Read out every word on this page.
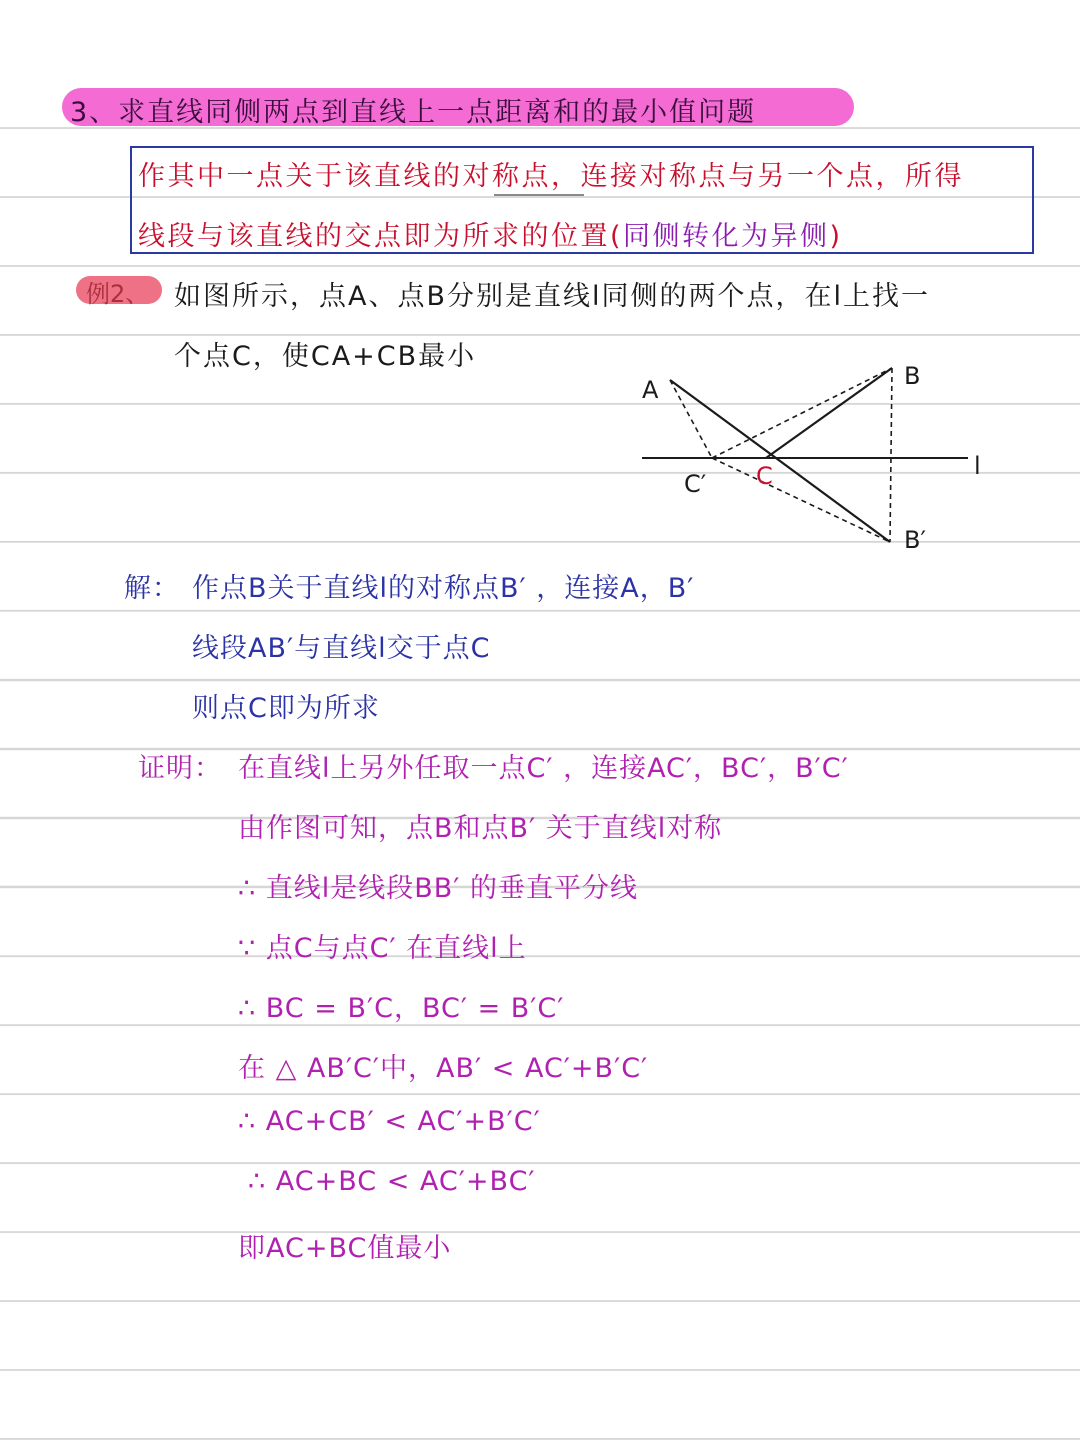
3、求直线同侧两点到直线上一点距离和的最小值问题
作其中一点关于该直线的对称点，连接对称点与另一个点，所得
线段与该直线的交点即为所求的位置(同侧转化为异侧)
例2、 如图所示，点A、点B分别是直线l同侧的两个点，在l上找一
个点C，使CA+CB最小
A	B
C
C′
B′
l
解： 作点B关于直线l的对称点B′ ，连接A，B′
线段AB′与直线l交于点C
则点C即为所求
证明： 在直线l上另外任取一点C′ ，连接AC′，BC′，B′C′
由作图可知，点B和点B′ 关于直线l对称
∴ 直线l是线段BB′ 的垂直平分线
∵ 点C与点C′ 在直线l上
∴ BC = B′C，BC′ = B′C′
在 △ AB′C′中，AB′ < AC′+B′C′
∴ AC+CB′ < AC′+B′C′
∴ AC+BC < AC′+BC′
即AC+BC值最小
